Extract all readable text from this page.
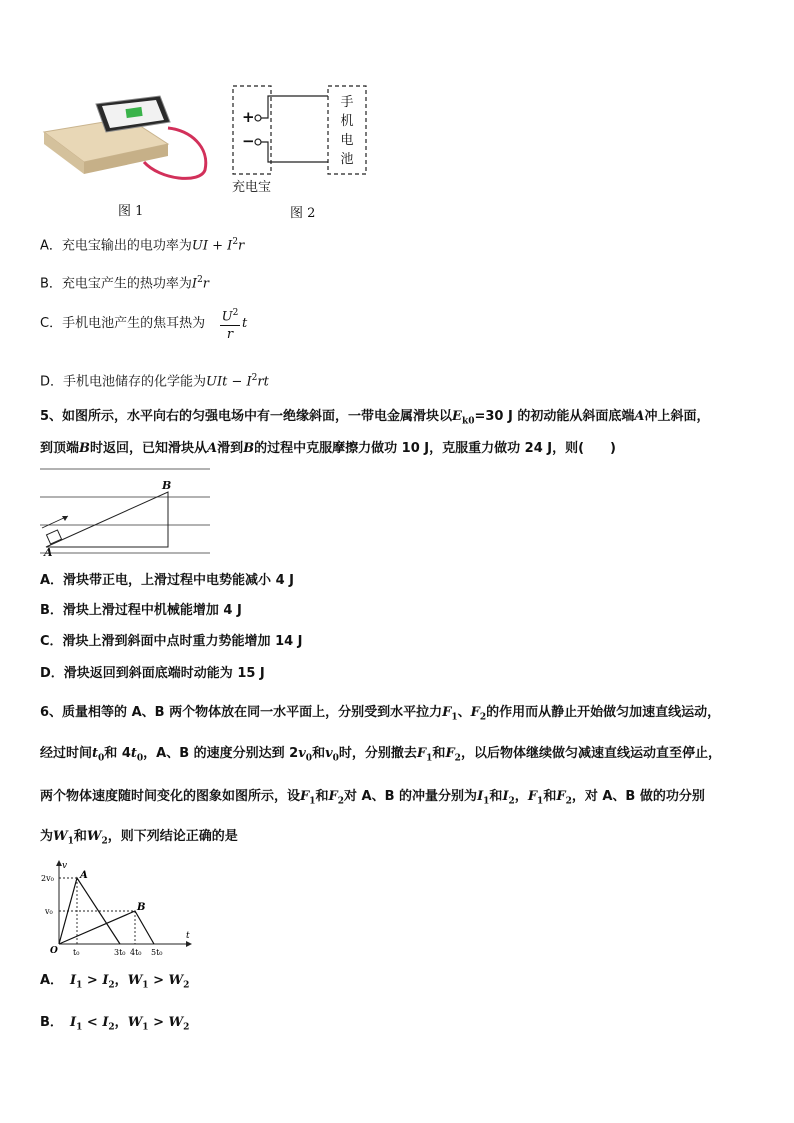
+
−
手
机
电
池
充电宝
图 1	图 2
A．充电宝输出的电功率为UI + $I^2r$
B．充电宝产生的热功率为$I^2r$
C．手机电池产生的焦耳热为 $\frac{U^2}{r}$ t
D．手机电池储存的化学能为UIt − $I^2rt$
5、如图所示，水平向右的匀强电场中有一绝缘斜面，一带电金属滑块以$E_{k0}=30$ J 的初动能从斜面底端A冲上斜面，
到顶端B时返回，已知滑块从A滑到B的过程中克服摩擦力做功 10 J，克服重力做功 24 J，则(　　)
B
A
A．滑块带正电，上滑过程中电势能减小 4 J
B．滑块上滑过程中机械能增加 4 J
C．滑块上滑到斜面中点时重力势能增加 14 J
D．滑块返回到斜面底端时动能为 15 J
6、质量相等的 A、B 两个物体放在同一水平面上，分别受到水平拉力$F_1$、$F_2$的作用而从静止开始做匀加速直线运动，
经过时间$t_0$和 $4t_0$，A、B 的速度分别达到 $2v_0$和$v_0$时，分别撤去$F_1$和$F_2$，以后物体继续做匀减速直线运动直至停止，
两个物体速度随时间变化的图象如图所示，设$F_1$和$F_2$对 A、B 的冲量分别为$I_1$和$I_2$，$F_1$和$F_2$，对 A、B 做的功分别
为$W_1$和$W_2$，则下列结论正确的是
v
t
O
2v₀
v₀
t₀	3t₀ 4t₀ 5t₀
A
B
A． $I_1 > I_2$，$W_1 > W_2$
B． $I_1 < I_2$，$W_1 > W_2$
